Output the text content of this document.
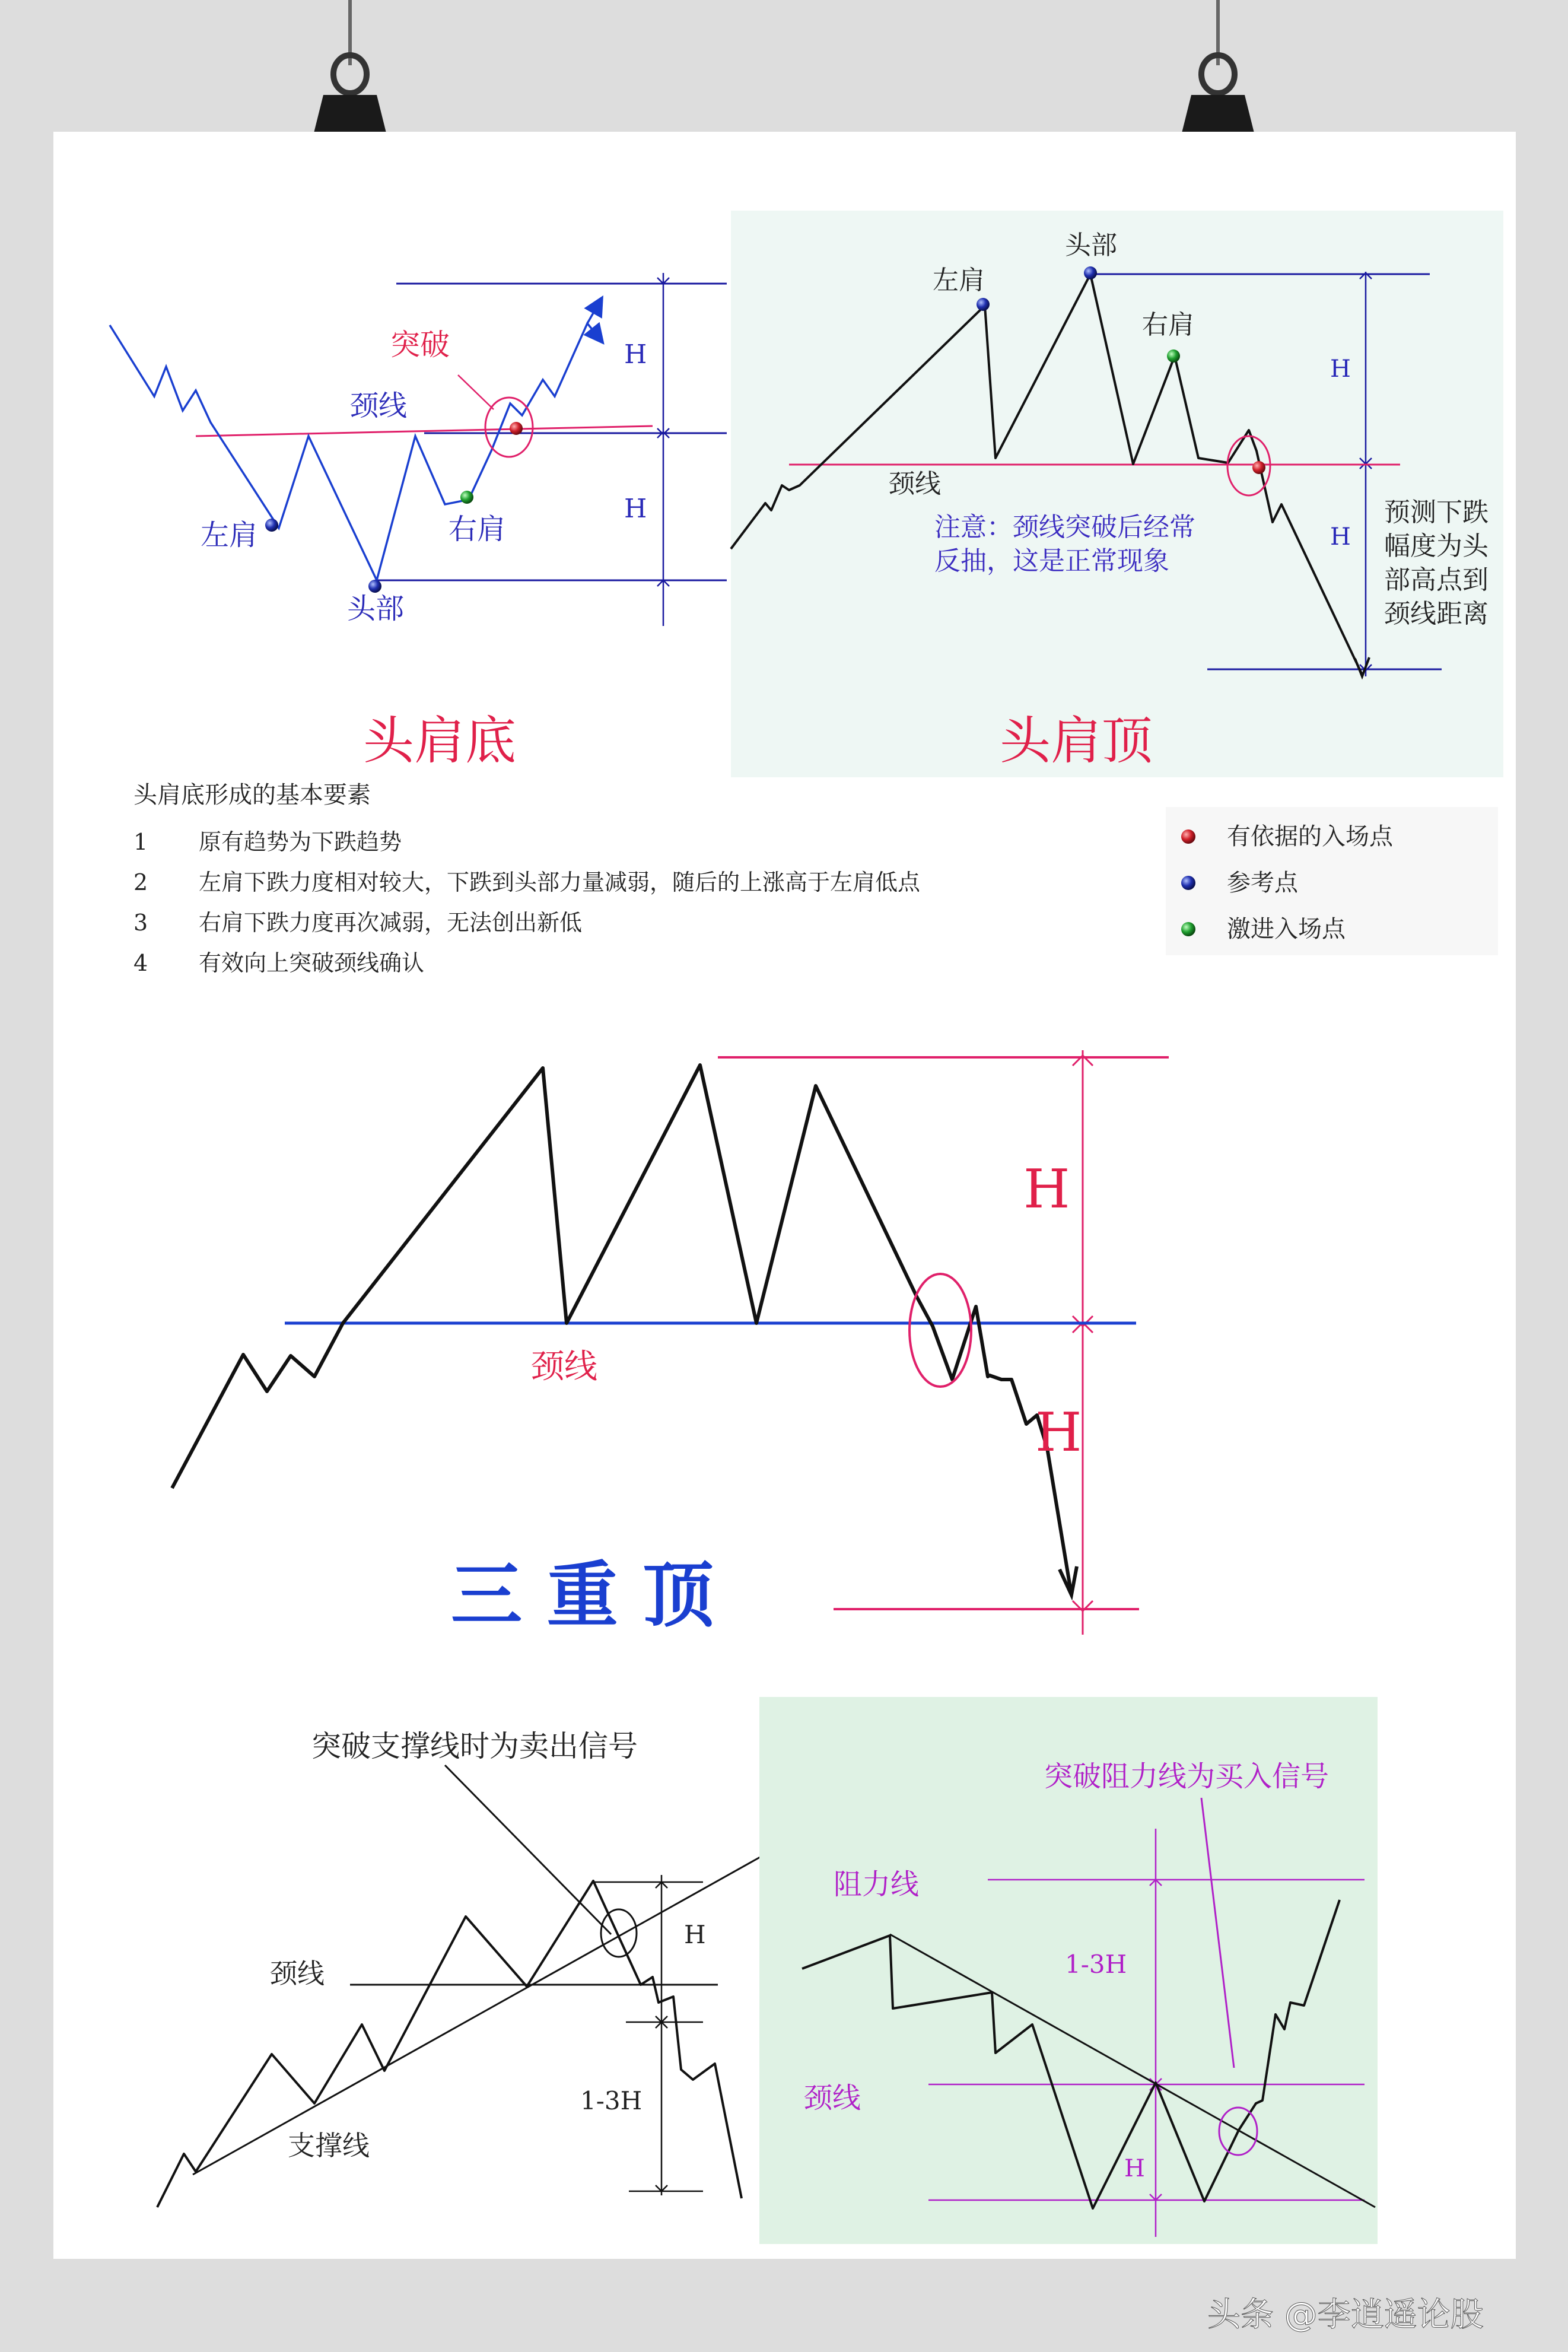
突破
颈线
左肩	右肩
头部
H
H
头肩底
头部
左肩
右肩
颈线
注意：颈线突破后经常
反抽，这是正常现象
预测下跌
幅度为头
部高点到
颈线距离
H
H
头肩顶
头肩底形成的基本要素
1 原有趋势为下跌趋势
2 左肩下跌力度相对较大，下跌到头部力量减弱，随后的上涨高于左肩低点
3 右肩下跌力度再次减弱，无法创出新低
4 有效向上突破颈线确认
有依据的入场点
参考点
激进入场点
颈线
H
H
三 重 顶
突破支撑线时为卖出信号
颈线
支撑线
H
1-3H
突破阻力线为买入信号
阻力线
颈线
1-3H
H
头条 @李逍遥论股
